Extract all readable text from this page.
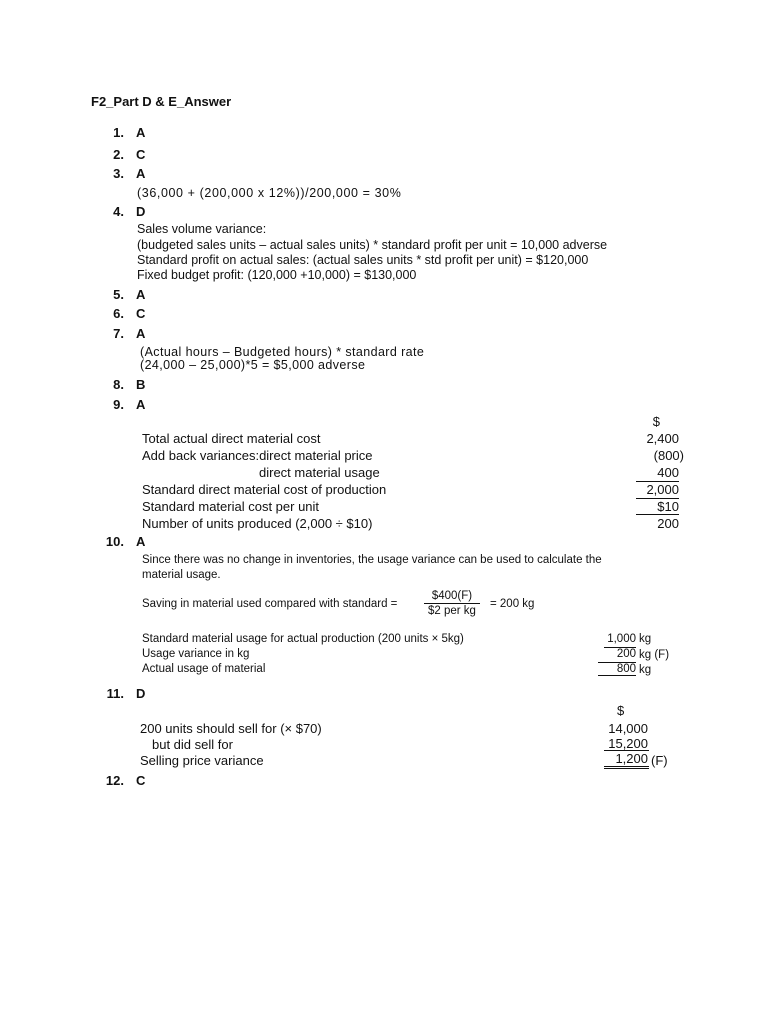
F2_Part D & E_Answer
1. A
2. C
3. A
(36,000 + (200,000 x 12%))/200,000 = 30%
4. D
Sales volume variance:
(budgeted sales units – actual sales units) * standard profit per unit = 10,000 adverse
Standard profit on actual sales: (actual sales units * std profit per unit) = $120,000
Fixed budget profit: (120,000 +10,000) = $130,000
5. A
6. C
7. A
(Actual hours – Budgeted hours) * standard rate
(24,000 – 25,000)*5 = $5,000 adverse
8. B
9. A
$
Total actual direct material cost	2,400
Add back variances:direct material price	(800)
direct material usage	400
Standard direct material cost of production	2,000
Standard material cost per unit	$10
Number of units produced (2,000 ÷ $10)	200
10. A
Since there was no change in inventories, the usage variance can be used to calculate the
material usage.
Saving in material used compared with standard = $\frac{\$400(F)}{\text{\$2 per kg}} = 200$ kg
Standard material usage for actual production (200 units × 5kg)	1,000 kg
Usage variance in kg	200 kg (F)
Actual usage of material	800 kg
11. D
$
200 units should sell for (× $70)	14,000
but did sell for	15,200
Selling price variance	1,200 (F)
12. C
